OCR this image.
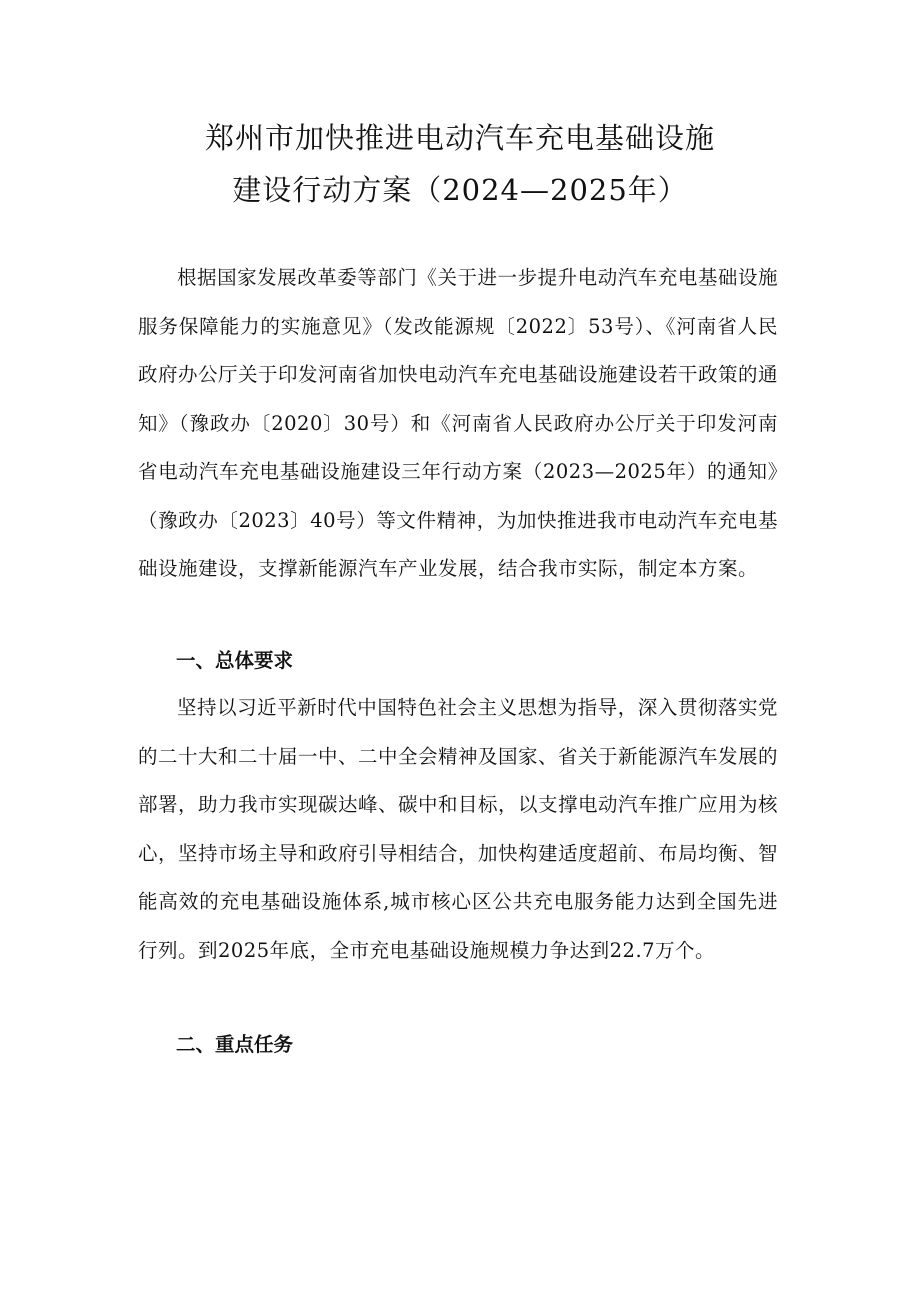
郑州市加快推进电动汽车充电基础设施
建设行动方案（2024—2025年）

根据国家发展改革委等部门《关于进一步提升电动汽车充电基础设施服务保障能力的实施意见》（发改能源规〔2022〕53号）、《河南省人民政府办公厅关于印发河南省加快电动汽车充电基础设施建设若干政策的通知》（豫政办〔2020〕30号）和《河南省人民政府办公厅关于印发河南省电动汽车充电基础设施建设三年行动方案（2023—2025年）的通知》（豫政办〔2023〕40号）等文件精神，为加快推进我市电动汽车充电基础设施建设，支撑新能源汽车产业发展，结合我市实际，制定本方案。

一、总体要求

坚持以习近平新时代中国特色社会主义思想为指导，深入贯彻落实党的二十大和二十届一中、二中全会精神及国家、省关于新能源汽车发展的部署，助力我市实现碳达峰、碳中和目标，以支撑电动汽车推广应用为核心，坚持市场主导和政府引导相结合，加快构建适度超前、布局均衡、智能高效的充电基础设施体系,城市核心区公共充电服务能力达到全国先进行列。到2025年底，全市充电基础设施规模力争达到22.7万个。

二、重点任务
